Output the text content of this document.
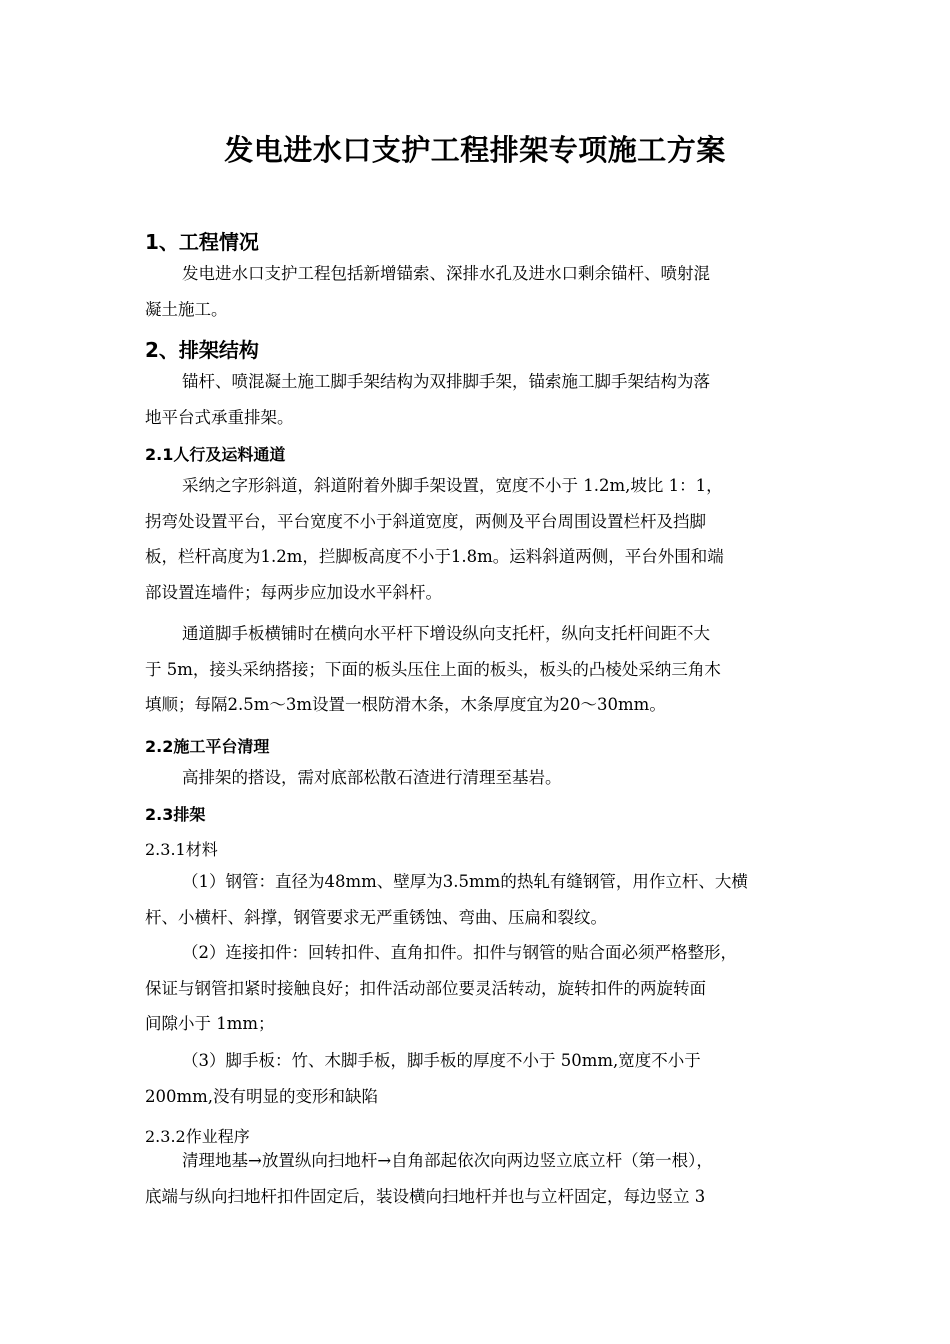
发电进水口支护工程排架专项施工方案
1、工程情况
发电进水口支护工程包括新增锚索、深排水孔及进水口剩余锚杆、喷射混
凝土施工。
2、排架结构
锚杆、喷混凝土施工脚手架结构为双排脚手架，锚索施工脚手架结构为落
地平台式承重排架。
2.1人行及运料通道
采纳之字形斜道，斜道附着外脚手架设置，宽度不小于 1.2m,坡比 1：1，
拐弯处设置平台，平台宽度不小于斜道宽度，两侧及平台周围设置栏杆及挡脚
板，栏杆高度为1.2m，拦脚板高度不小于1.8m。运料斜道两侧，平台外围和端
部设置连墙件；每两步应加设水平斜杆。
通道脚手板横铺时在横向水平杆下增设纵向支托杆，纵向支托杆间距不大
于 5m，接头采纳搭接；下面的板头压住上面的板头，板头的凸棱处采纳三角木
填顺；每隔2.5m～3m设置一根防滑木条，木条厚度宜为20～30mm。
2.2施工平台清理
高排架的搭设，需对底部松散石渣进行清理至基岩。
2.3排架
2.3.1材料
（1）钢管：直径为48mm、壁厚为3.5mm的热轧有缝钢管，用作立杆、大横
杆、小横杆、斜撑，钢管要求无严重锈蚀、弯曲、压扁和裂纹。
（2）连接扣件：回转扣件、直角扣件。扣件与钢管的贴合面必须严格整形，
保证与钢管扣紧时接触良好；扣件活动部位要灵活转动，旋转扣件的两旋转面
间隙小于 1mm；
（3）脚手板：竹、木脚手板，脚手板的厚度不小于 50mm,宽度不小于
200mm,没有明显的变形和缺陷
2.3.2作业程序
清理地基→放置纵向扫地杆→自角部起依次向两边竖立底立杆（第一根），
底端与纵向扫地杆扣件固定后，装设横向扫地杆并也与立杆固定，每边竖立 3
